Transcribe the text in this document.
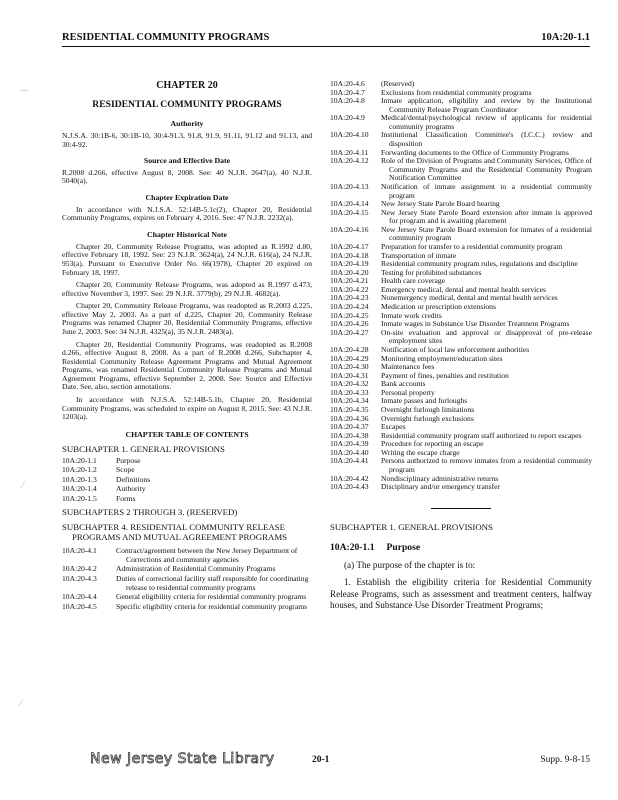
RESIDENTIAL COMMUNITY PROGRAMS	10A:20-1.1
⌒
⁄
⁄
CHAPTER 20
RESIDENTIAL COMMUNITY PROGRAMS
Authority
N.J.S.A. 30:1B-6, 30:1B-10, 30:4-91.3, 91.8, 91.9, 91.11, 91.12 and 91.13, and 30:4-92.
Source and Effective Date
R.2008 d.266, effective August 8, 2008. See: 40 N.J.R. 2647(a), 40 N.J.R. 5040(a).
Chapter Expiration Date
In accordance with N.J.S.A. 52:14B-5.1c(2), Chapter 20, Residential Community Programs, expires on February 4, 2016. See: 47 N.J.R. 2232(a).
Chapter Historical Note
Chapter 20, Community Release Programs, was adopted as R.1992 d.80, effective February 18, 1992. See: 23 N.J.R. 3624(a), 24 N.J.R. 616(a), 24 N.J.R. 953(a). Pursuant to Executive Order No. 66(1978), Chapter 20 expired on February 18, 1997.
Chapter 20, Community Release Programs, was adopted as R.1997 d.473, effective November 3, 1997. See: 29 N.J.R. 3779(b), 29 N.J.R. 4682(a).
Chapter 20, Community Release Programs, was readopted as R.2003 d.225, effective May 2, 2003. As a part of d.225, Chapter 20, Community Release Programs was renamed Chapter 20, Residential Community Programs, effective June 2, 2003. See: 34 N.J.R. 4325(a), 35 N.J.R. 2483(a).
Chapter 20, Residential Community Programs, was readopted as R.2008 d.266, effective August 8, 2008. As a part of R.2008 d.266, Subchapter 4, Residential Community Release Agreement Programs and Mutual Agreement Programs, was renamed Residential Community Release Programs and Mutual Agreement Programs, effective September 2, 2008. See: Source and Effective Date. See, also, section annotations.
In accordance with N.J.S.A. 52:14B-5.1b, Chapter 20, Residential Community Programs, was scheduled to expire on August 8, 2015. See: 43 N.J.R. 1203(a).
CHAPTER TABLE OF CONTENTS
SUBCHAPTER 1. GENERAL PROVISIONS
10A:20-1.1	Purpose
10A:20-1.2	Scope
10A:20-1.3	Definitions
10A:20-1.4	Authority
10A:20-1.5	Forms
SUBCHAPTERS 2 THROUGH 3. (RESERVED)
SUBCHAPTER 4. RESIDENTIAL COMMUNITY RELEASE PROGRAMS AND MUTUAL AGREEMENT PROGRAMS
10A:20-4.1	Contract/agreement between the New Jersey Department of Corrections and community agencies
10A:20-4.2	Administration of Residential Community Programs
10A:20-4.3	Duties of correctional facility staff responsible for coordinating release to residential community programs
10A:20-4.4	General eligibility criteria for residential community programs
10A:20-4.5	Specific eligibility criteria for residential community programs
10A:20-4.6	(Reserved)
10A:20-4.7	Exclusions from residential community programs
10A:20-4.8	Inmate application, eligibility and review by the Institutional Community Release Program Coordinator
10A:20-4.9	Medical/dental/psychological review of applicants for residential community programs
10A:20-4.10	Institutional Classification Committee's (I.C.C.) review and disposition
10A:20-4.11	Forwarding documents to the Office of Community Programs
10A:20-4.12	Role of the Division of Programs and Community Services, Office of Community Programs and the Residential Community Program Notification Committee
10A:20-4.13	Notification of inmate assignment to a residential community program
10A:20-4.14	New Jersey State Parole Board hearing
10A:20-4.15	New Jersey State Parole Board extension after inmate is approved for program and is awaiting placement
10A:20-4.16	New Jersey State Parole Board extension for inmates of a residential community program
10A:20-4.17	Preparation for transfer to a residential community program
10A:20-4.18	Transportation of inmate
10A:20-4.19	Residential community program rules, regulations and discipline
10A:20-4.20	Testing for prohibited substances
10A:20-4.21	Health care coverage
10A:20-4.22	Emergency medical, dental and mental health services
10A:20-4.23	Nonemergency medical, dental and mental health services
10A:20-4.24	Medication or prescription extensions
10A:20-4.25	Inmate work credits
10A:20-4.26	Inmate wages in Substance Use Disorder Treatment Programs
10A:20-4.27	On-site evaluation and approval or disapproval of pre-release employment sites
10A:20-4.28	Notification of local law enforcement authorities
10A:20-4.29	Monitoring employment/education sites
10A:20-4.30	Maintenance fees
10A:20-4.31	Payment of fines, penalties and restitution
10A:20-4.32	Bank accounts
10A:20-4.33	Personal property
10A:20-4.34	Inmate passes and furloughs
10A:20-4.35	Overnight furlough limitations
10A:20-4.36	Overnight furlough exclusions
10A:20-4.37	Escapes
10A:20-4.38	Residential community program staff authorized to report escapes
10A:20-4.39	Procedure for reporting an escape
10A:20-4.40	Writing the escape charge
10A:20-4.41	Persons authorized to remove inmates from a residential community program
10A:20-4.42	Nondisciplinary administrative returns
10A:20-4.43	Disciplinary and/or emergency transfer
SUBCHAPTER 1. GENERAL PROVISIONS
10A:20-1.1 Purpose
(a) The purpose of the chapter is to:
1. Establish the eligibility criteria for Residential Community Release Programs, such as assessment and treatment centers, halfway houses, and Substance Use Disorder Treatment Programs;
New Jersey State Library	20-1	Supp. 9-8-15
